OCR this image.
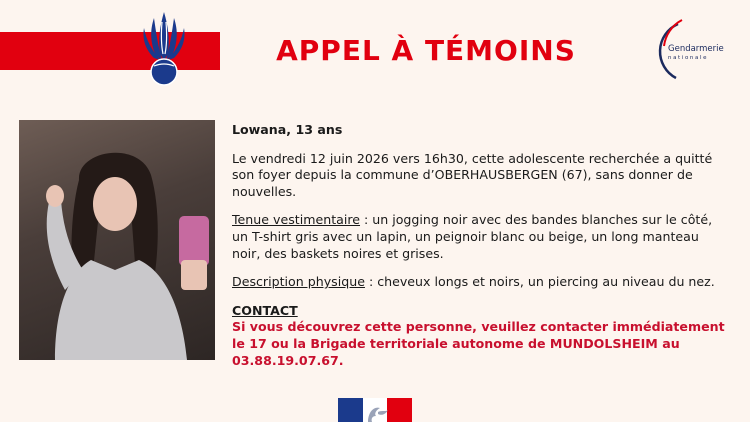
APPEL À TÉMOINS	Gendarmerie
nationale

Lowana, 13 ans

Le vendredi 12 juin 2026 vers 16h30, cette adolescente recherchée a quitté son foyer depuis la commune d’OBERHAUSBERGEN (67), sans donner de nouvelles.

Tenue vestimentaire : un jogging noir avec des bandes blanches sur le côté, un T-shirt gris avec un lapin, un peignoir blanc ou beige, un long manteau noir, des baskets noires et grises.

Description physique : cheveux longs et noirs, un piercing au niveau du nez.

CONTACT
Si vous découvrez cette personne, veuillez contacter immédiatement le 17 ou la Brigade territoriale autonome de MUNDOLSHEIM au 03.88.19.07.67.
